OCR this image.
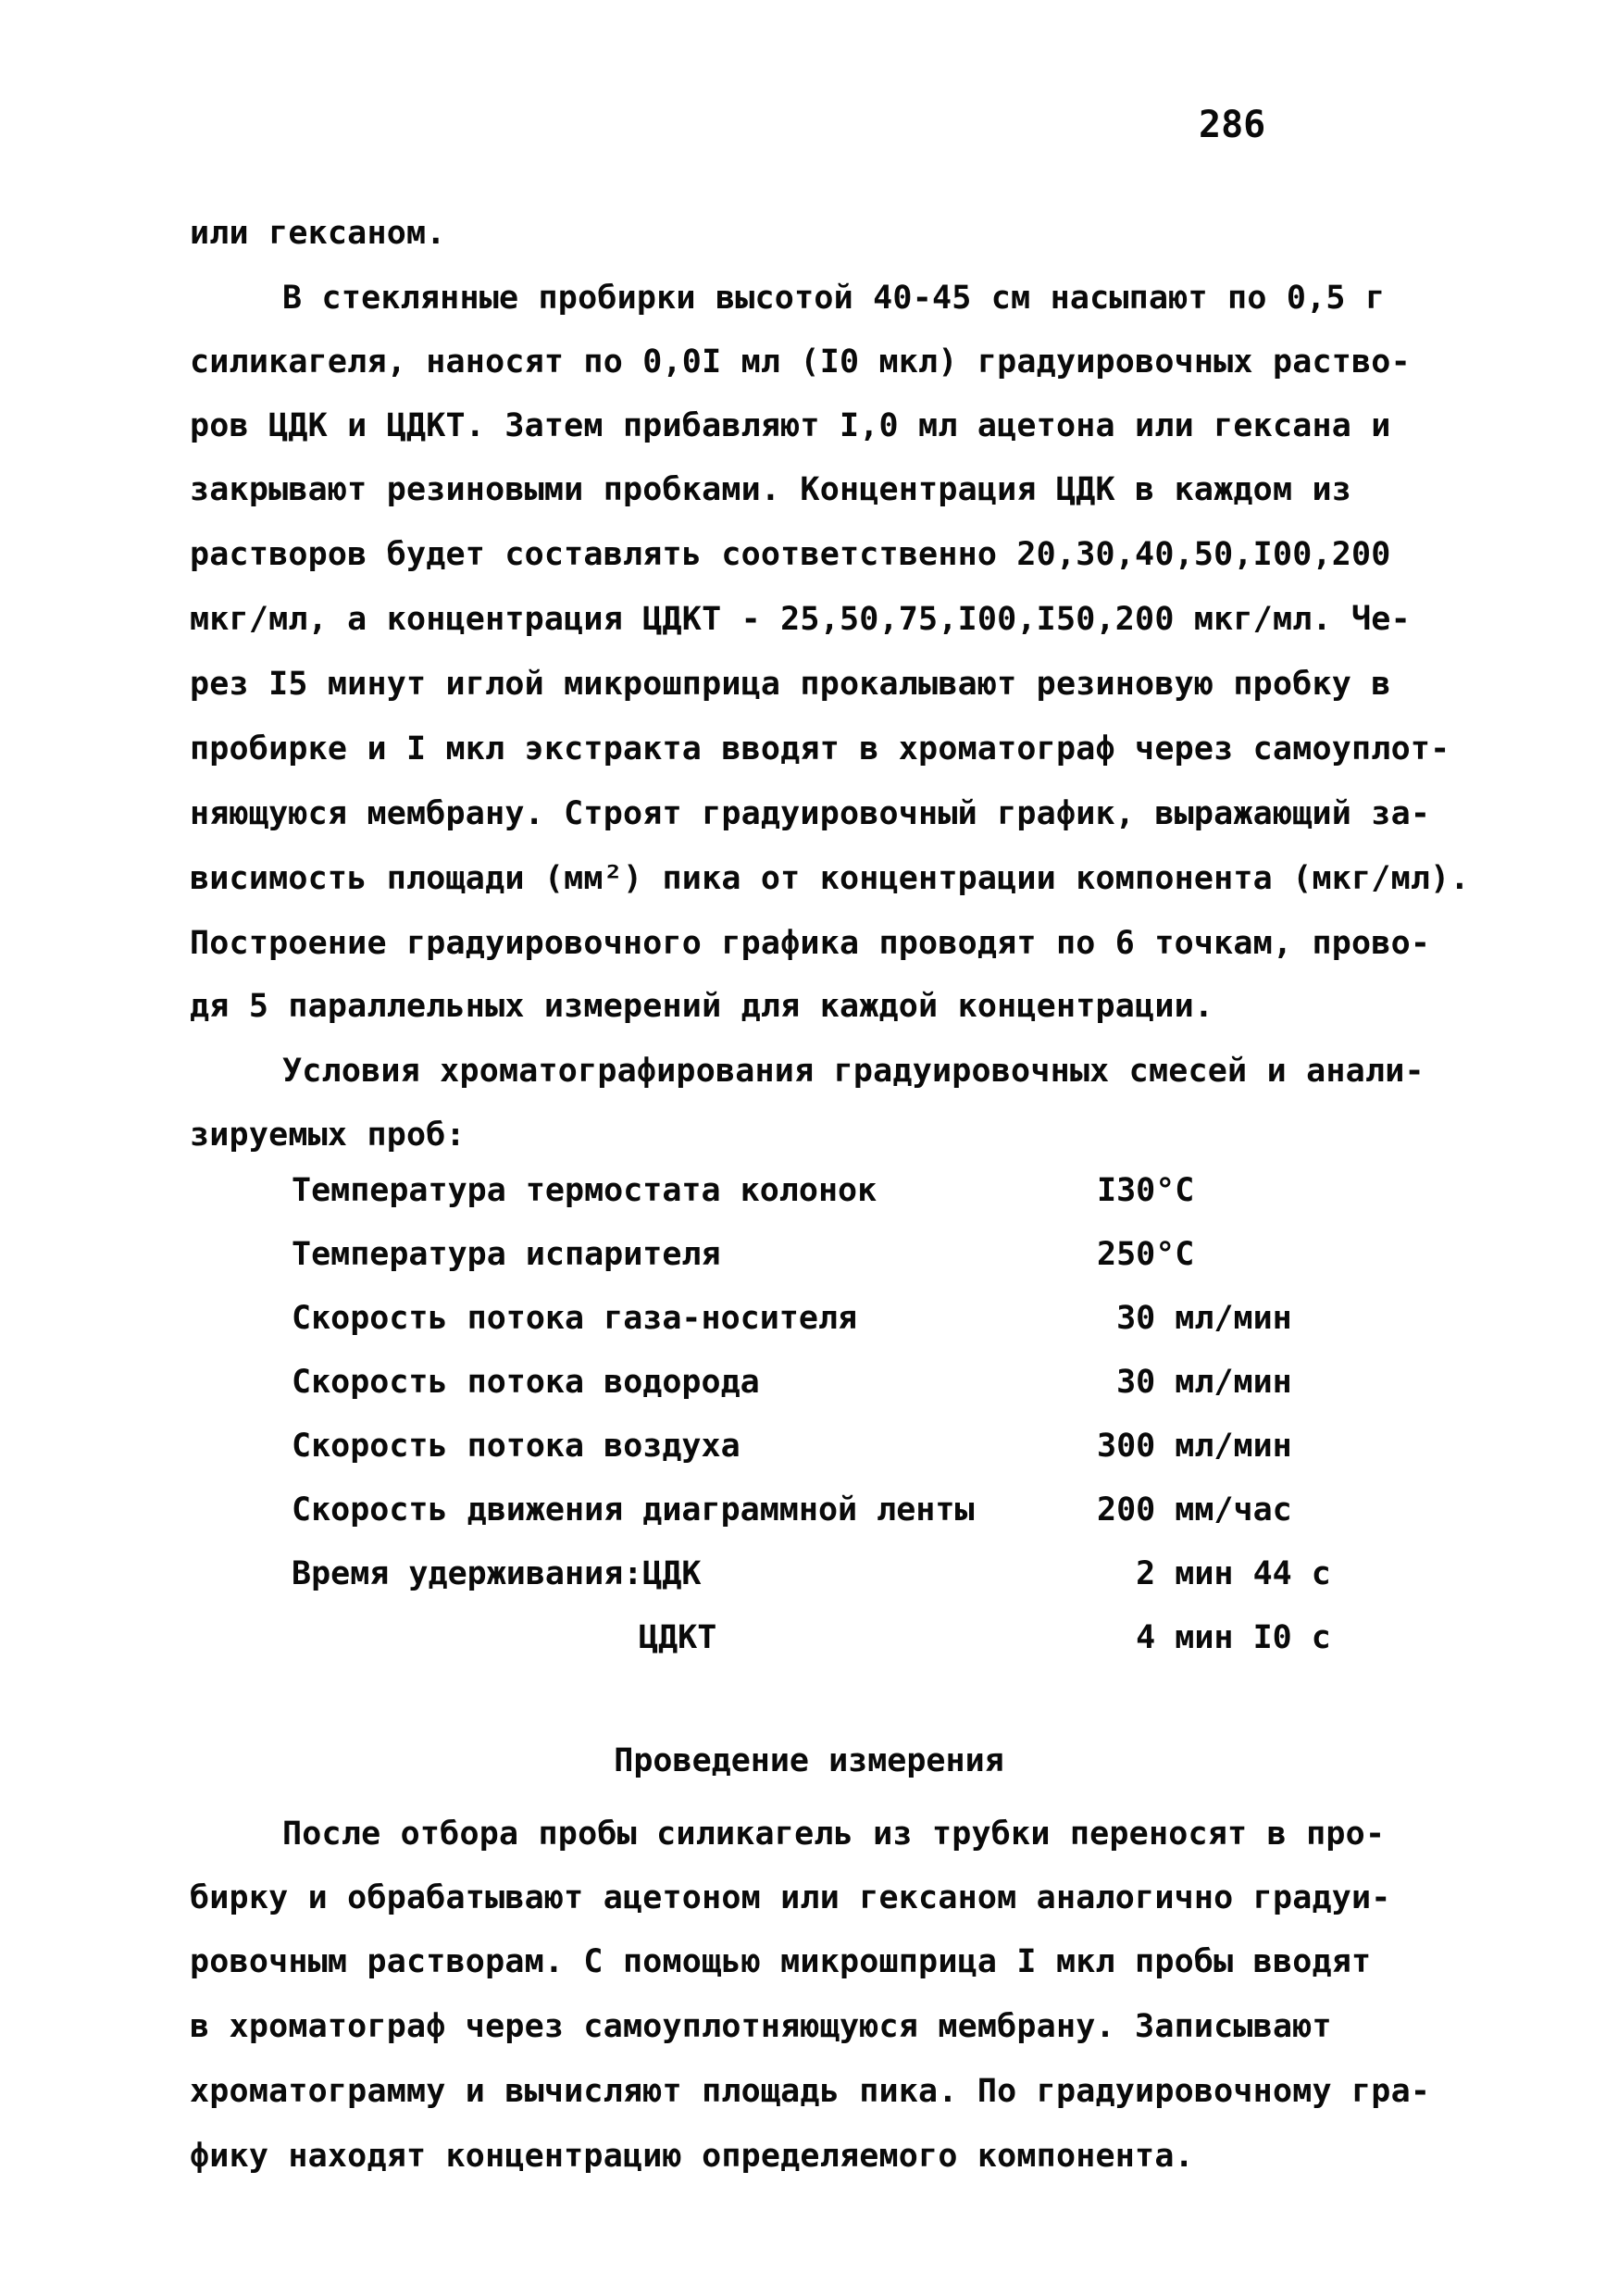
286
или гексаном.
В стеклянные пробирки высотой 40-45 см насыпают по 0,5 г
силикагеля, наносят по 0,0I мл (I0 мкл) градуировочных раство-
ров ЦДК и ЦДКТ. Затем прибавляют I,0 мл ацетона или гексана и
закрывают резиновыми пробками. Концентрация ЦДК в каждом из
растворов будет составлять соответственно 20,30,40,50,I00,200
мкг/мл, а концентрация ЦДКТ - 25,50,75,I00,I50,200 мкг/мл. Че-
рез I5 минут иглой микрошприца прокалывают резиновую пробку в
пробирке и I мкл экстракта вводят в хроматограф через самоуплот-
няющуюся мембрану. Строят градуировочный график, выражающий за-
висимость площади (мм²) пика от концентрации компонента (мкг/мл).
Построение градуировочного графика проводят по 6 точкам, прово-
дя 5 параллельных измерений для каждой концентрации.
Условия хроматографирования градуировочных смесей и анали-
зируемых проб:
Температура термостата колонок	I30°C
Температура испарителя	250°C
Скорость потока газа-носителя	30 мл/мин
Скорость потока водорода	30 мл/мин
Скорость потока воздуха	300 мл/мин
Скорость движения диаграммной ленты	200 мм/час
Время удерживания:ЦДК	2 мин 44 с
ЦДКТ	4 мин I0 с
Проведение измерения
После отбора пробы силикагель из трубки переносят в про-
бирку и обрабатывают ацетоном или гексаном аналогично градуи-
ровочным растворам. С помощью микрошприца I мкл пробы вводят
в хроматограф через самоуплотняющуюся мембрану. Записывают
хроматограмму и вычисляют площадь пика. По градуировочному гра-
фику находят концентрацию определяемого компонента.
